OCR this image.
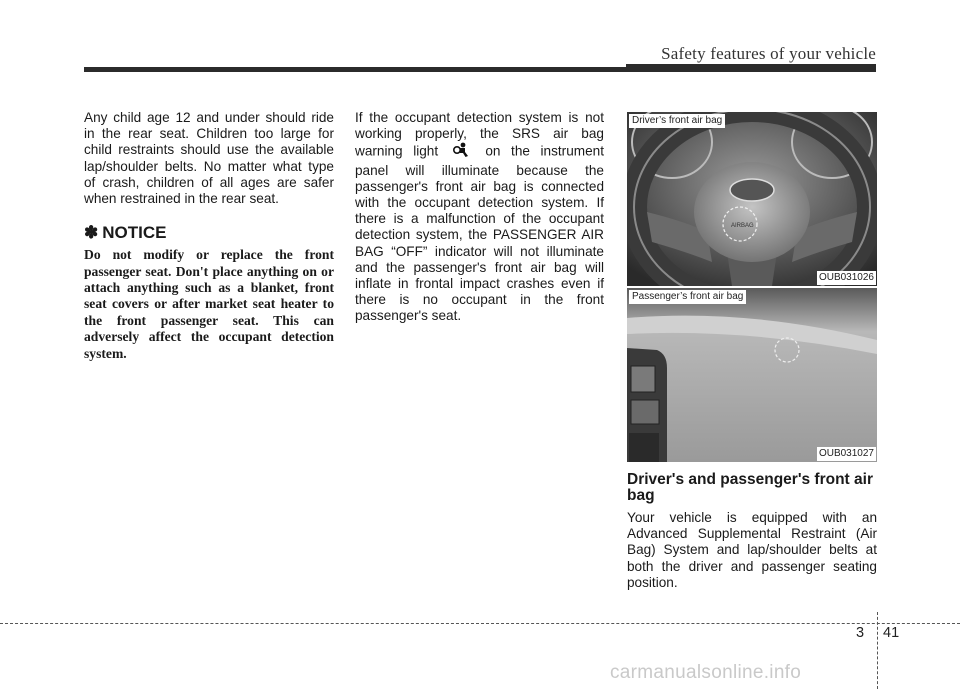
Safety features of your vehicle

Any child age 12 and under should ride in the rear seat. Children too large for child restraints should use the available lap/shoulder belts. No matter what type of crash, children of all ages are safer when restrained in the rear seat.

✽ NOTICE

Do not modify or replace the front passenger seat. Don't place anything on or attach anything such as a blanket, front seat covers or after market seat heater to the front passenger seat. This can adversely affect the occupant detection system.

If the occupant detection system is not working properly, the SRS air bag warning light	on the instrument panel will illuminate because the passenger's front air bag is connected with the occupant detection system. If there is a malfunction of the occupant detection system, the PASSENGER AIR BAG “OFF” indicator will not illuminate and the passenger's front air bag will inflate in frontal impact crashes even if there is no occupant in the front passenger's seat.

AIRBAG
Driver’s front air bag
OUB031026
Passenger’s front air bag
OUB031027

Driver's and passenger's front air bag

Your vehicle is equipped with an Advanced Supplemental Restraint (Air Bag) System and lap/shoulder belts at both the driver and passenger seating position.

3 41
carmanualsonline.info
